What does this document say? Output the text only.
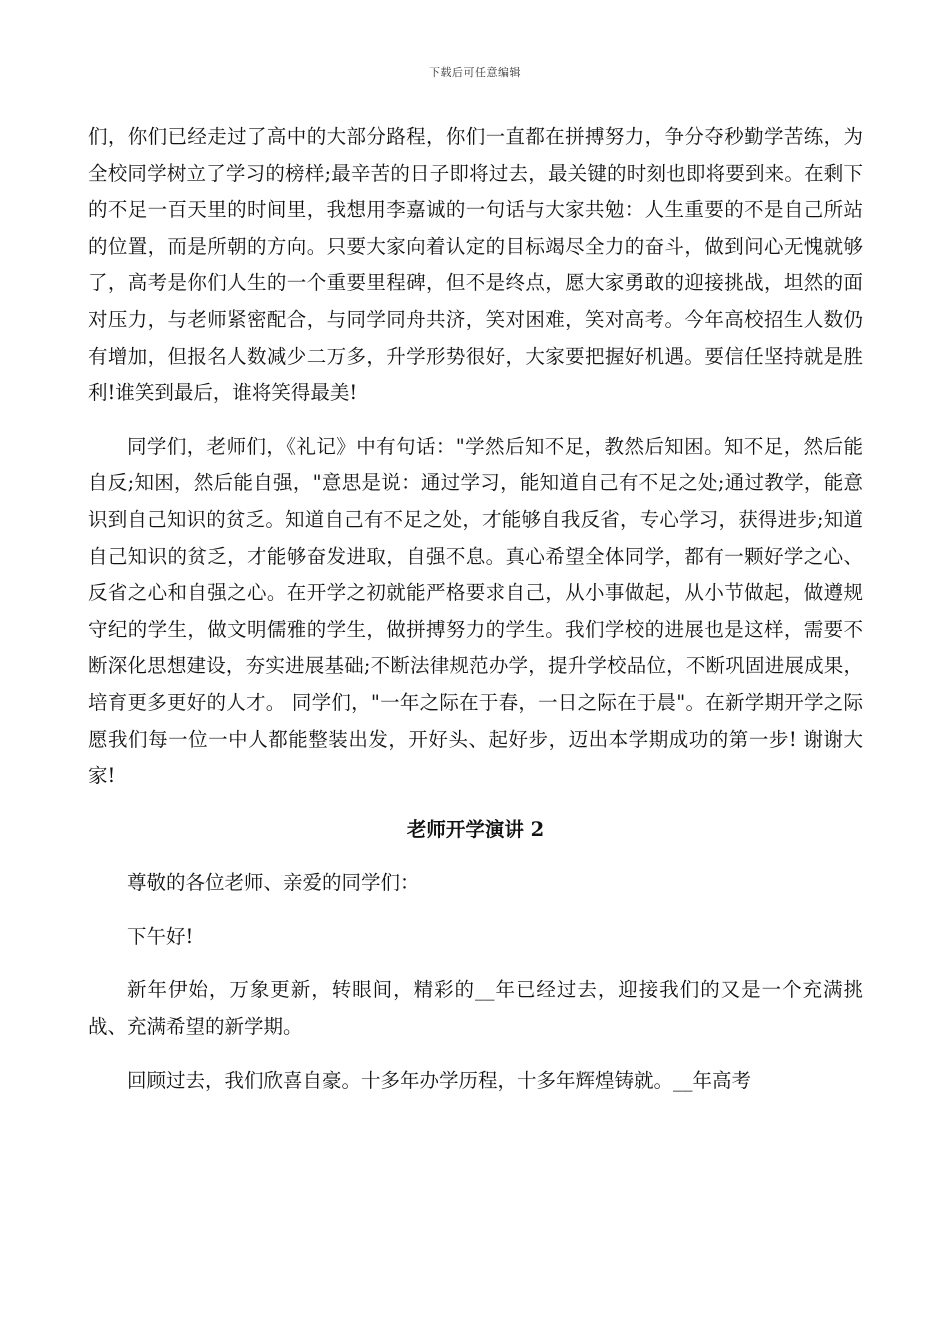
下载后可任意编辑

们，你们已经走过了高中的大部分路程，你们一直都在拼搏努力，争分夺秒勤学苦练，为全校同学树立了学习的榜样;最辛苦的日子即将过去，最关键的时刻也即将要到来。在剩下的不足一百天里的时间里，我想用李嘉诚的一句话与大家共勉：人生重要的不是自己所站的位置，而是所朝的方向。只要大家向着认定的目标竭尽全力的奋斗，做到问心无愧就够了，高考是你们人生的一个重要里程碑，但不是终点，愿大家勇敢的迎接挑战，坦然的面对压力，与老师紧密配合，与同学同舟共济，笑对困难，笑对高考。今年高校招生人数仍有增加，但报名人数减少二万多，升学形势很好，大家要把握好机遇。要信任坚持就是胜利!谁笑到最后，谁将笑得最美!

同学们，老师们，《礼记》中有句话："学然后知不足，教然后知困。知不足，然后能自反;知困，然后能自强，"意思是说：通过学习，能知道自己有不足之处;通过教学，能意识到自己知识的贫乏。知道自己有不足之处，才能够自我反省，专心学习，获得进步;知道自己知识的贫乏，才能够奋发进取，自强不息。真心希望全体同学，都有一颗好学之心、反省之心和自强之心。在开学之初就能严格要求自己，从小事做起，从小节做起，做遵规守纪的学生，做文明儒雅的学生，做拼搏努力的学生。我们学校的进展也是这样，需要不断深化思想建设，夯实进展基础;不断法律规范办学，提升学校品位，不断巩固进展成果，培育更多更好的人才。 同学们，"一年之际在于春，一日之际在于晨"。在新学期开学之际愿我们每一位一中人都能整装出发，开好头、起好步，迈出本学期成功的第一步! 谢谢大家!

老师开学演讲 2

尊敬的各位老师、亲爱的同学们：

下午好!

新年伊始，万象更新，转眼间，精彩的__年已经过去，迎接我们的又是一个充满挑战、充满希望的新学期。

回顾过去，我们欣喜自豪。十多年办学历程，十多年辉煌铸就。__年高考
